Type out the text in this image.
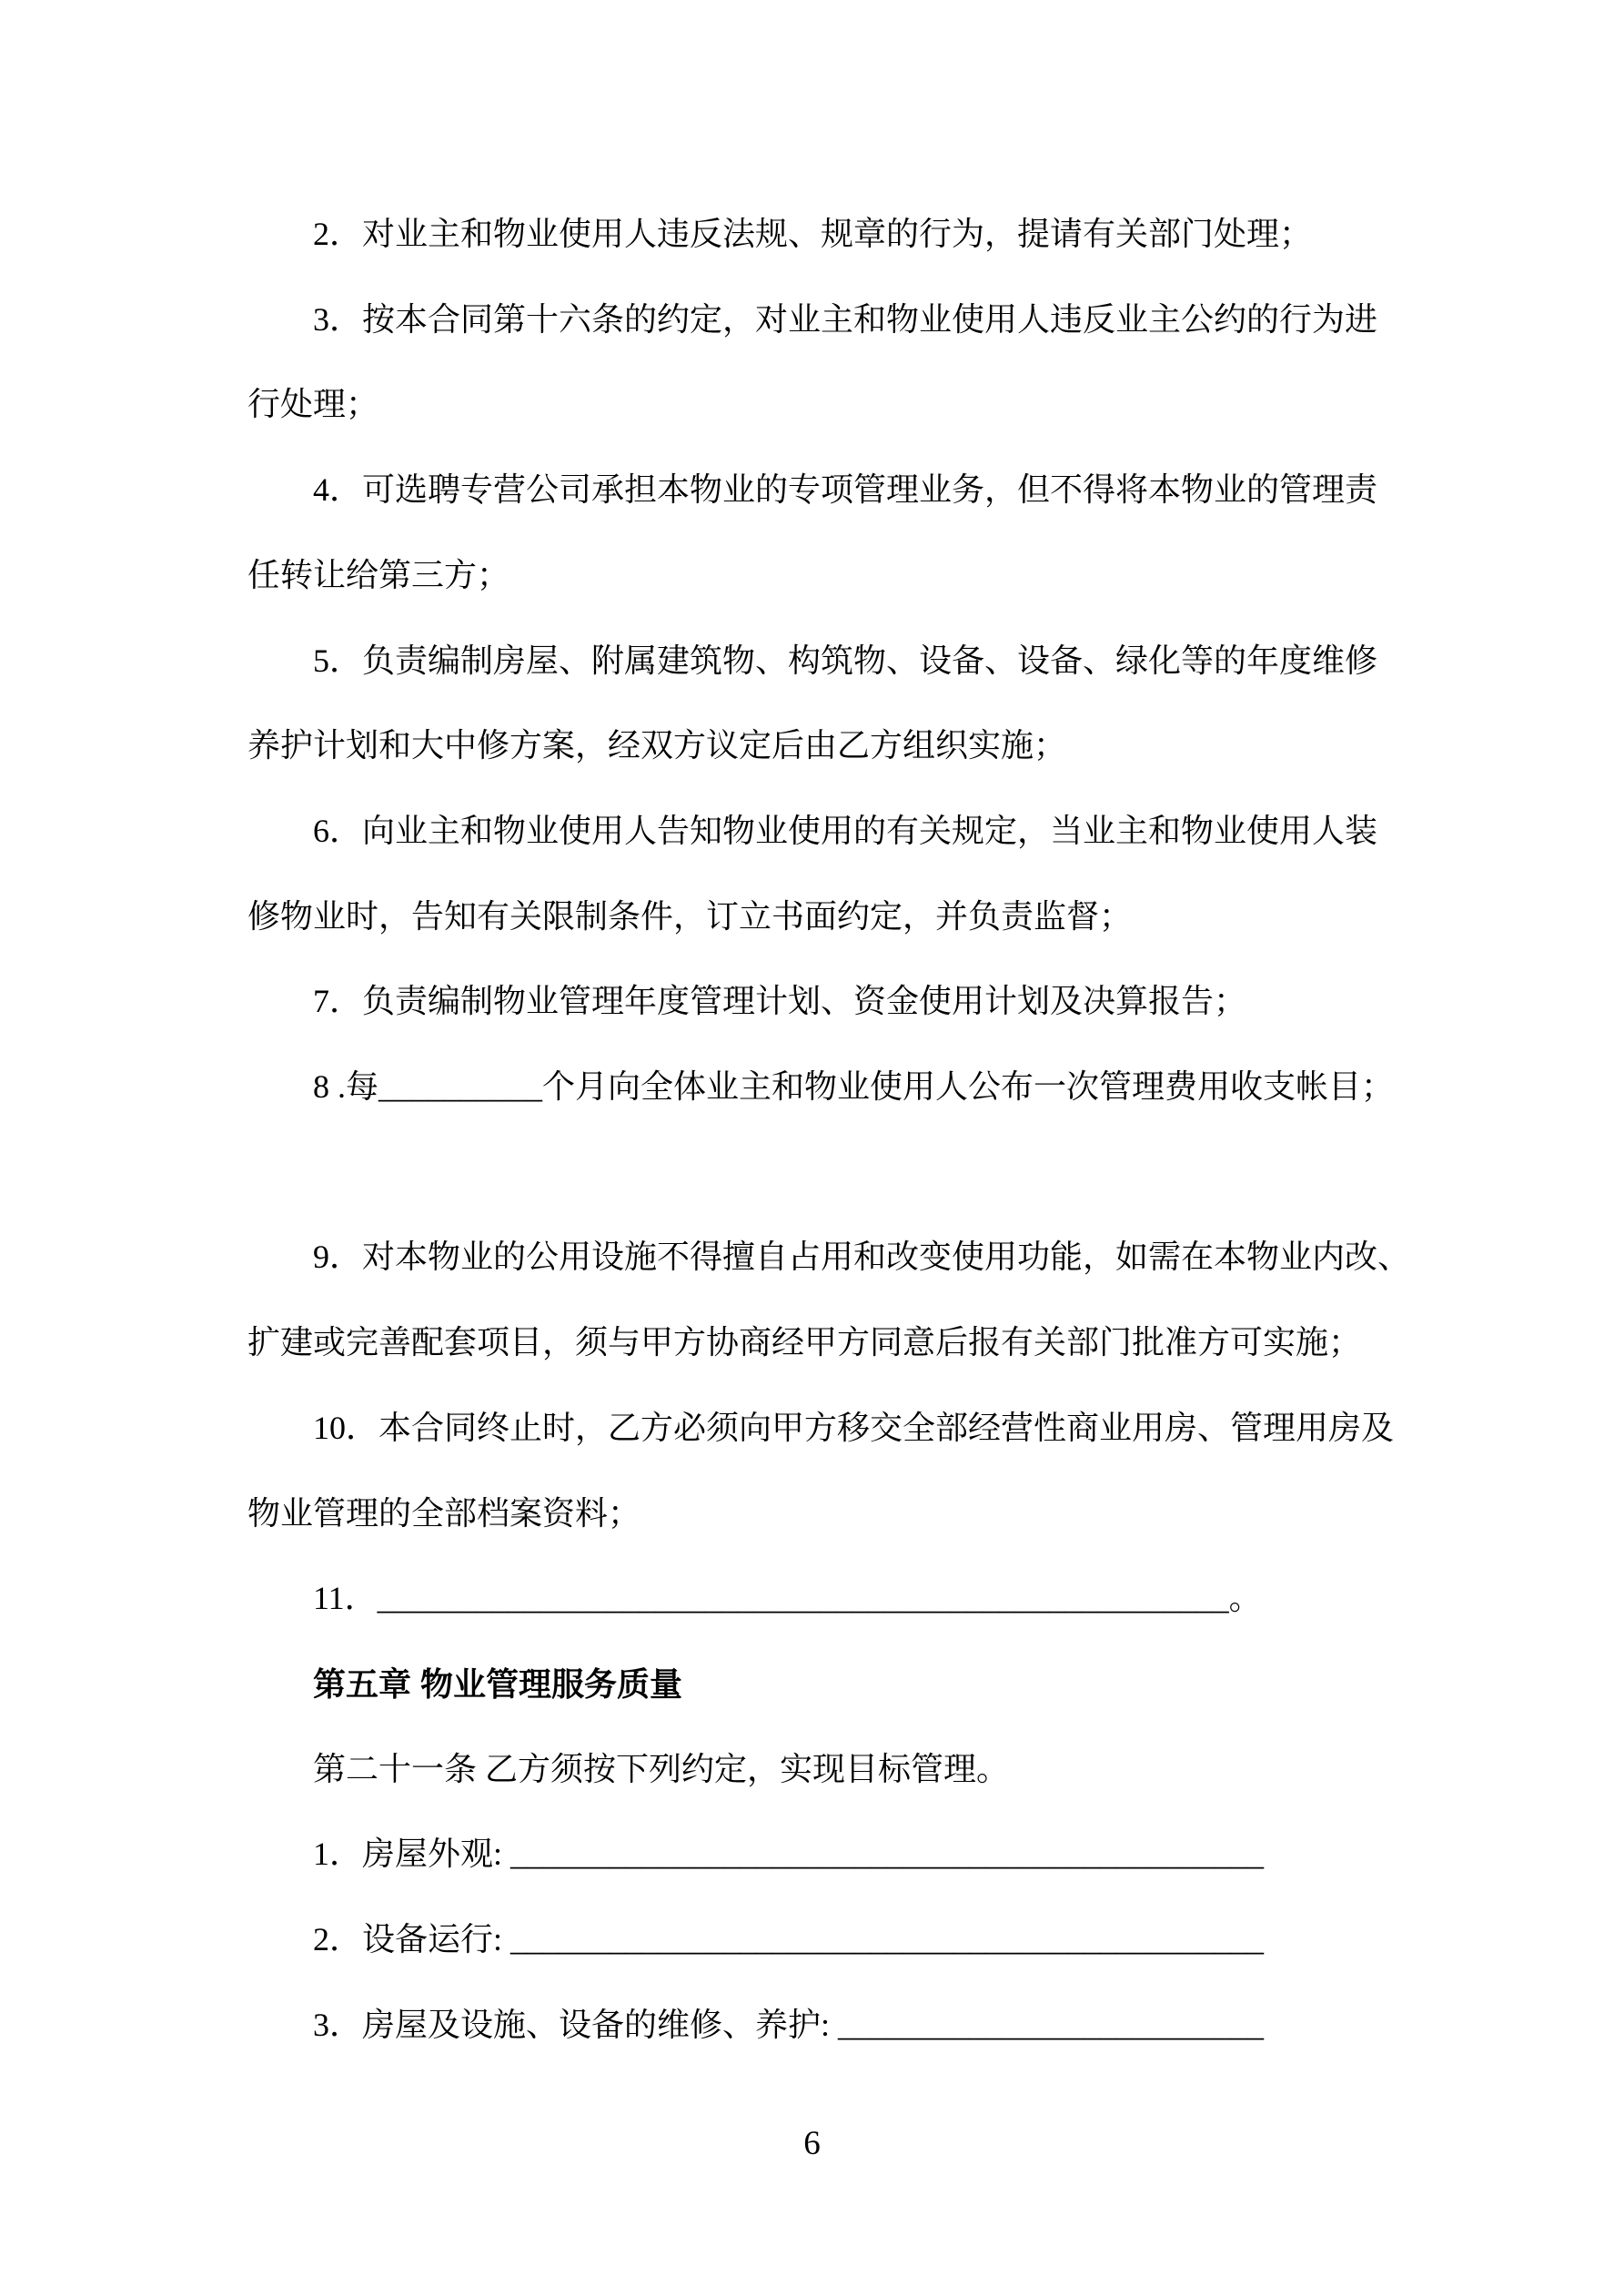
2．对业主和物业使用人违反法规、规章的行为，提请有关部门处理；
3．按本合同第十六条的约定，对业主和物业使用人违反业主公约的行为进
行处理；
4．可选聘专营公司承担本物业的专项管理业务，但不得将本物业的管理责
任转让给第三方；
5．负责编制房屋、附属建筑物、构筑物、设备、设备、绿化等的年度维修
养护计划和大中修方案，经双方议定后由乙方组织实施；
6．向业主和物业使用人告知物业使用的有关规定，当业主和物业使用人装
修物业时，告知有关限制条件，订立书面约定，并负责监督；
7．负责编制物业管理年度管理计划、资金使用计划及决算报告；
8 .每__________个月向全体业主和物业使用人公布一次管理费用收支帐目；
9．对本物业的公用设施不得擅自占用和改变使用功能，如需在本物业内改、
扩建或完善配套项目，须与甲方协商经甲方同意后报有关部门批准方可实施；
10．本合同终止时，乙方必须向甲方移交全部经营性商业用房、管理用房及
物业管理的全部档案资料；
11．____________________________________________________。
第五章 物业管理服务质量
第二十一条 乙方须按下列约定，实现目标管理。
1．房屋外观: ______________________________________________
2．设备运行: ______________________________________________
3．房屋及设施、设备的维修、养护: __________________________
6
